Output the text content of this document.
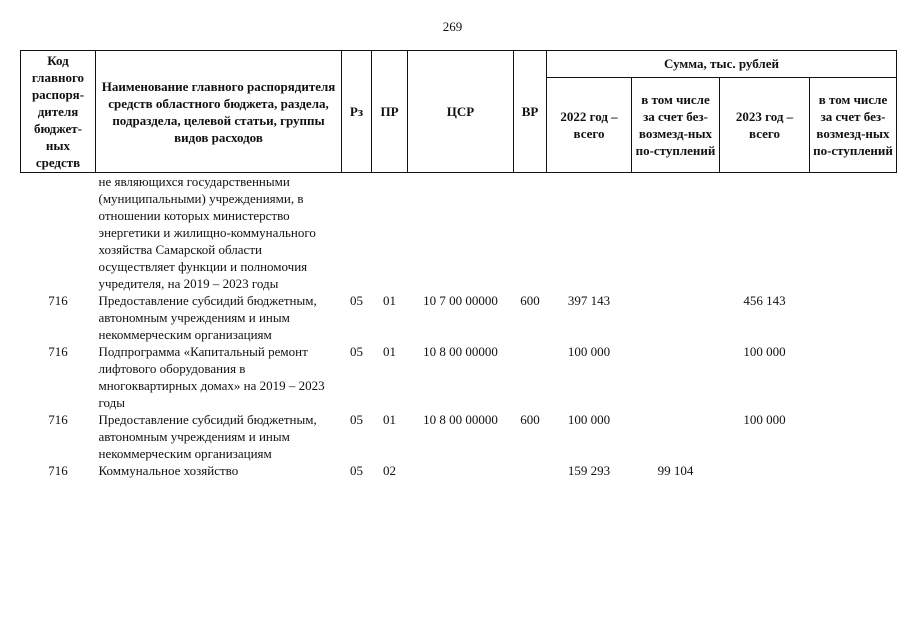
269
Код главного распоря-дителя бюджет-ных средств	Наименование главного распорядителя средств областного бюджета, раздела, подраздела, целевой статьи, группы видов расходов	Рз	ПР	ЦСР	ВР	Сумма, тыс. рублей			
						2022 год – всего	в том числе за счет без-возмезд-ных по-ступлений	2023 год – всего	в том числе за счет без-возмезд-ных по-ступлений
	не являющихся государственными (муниципальными) учреждениями, в отношении которых министерство энергетики и жилищно-коммунального хозяйства Самарской области осуществляет функции и полномочия учредителя, на 2019 – 2023 годы								
716	Предоставление субсидий бюджетным, автономным учреждениям и иным некоммерческим организациям	05	01	10 7 00 00000	600	397 143		456 143	
716	Подпрограмма «Капитальный ремонт лифтового оборудования в многоквартирных домах» на 2019 – 2023 годы	05	01	10 8 00 00000		100 000		100 000	
716	Предоставление субсидий бюджетным, автономным учреждениям и иным некоммерческим организациям	05	01	10 8 00 00000	600	100 000		100 000	
716	Коммунальное хозяйство	05	02			159 293	99 104		
